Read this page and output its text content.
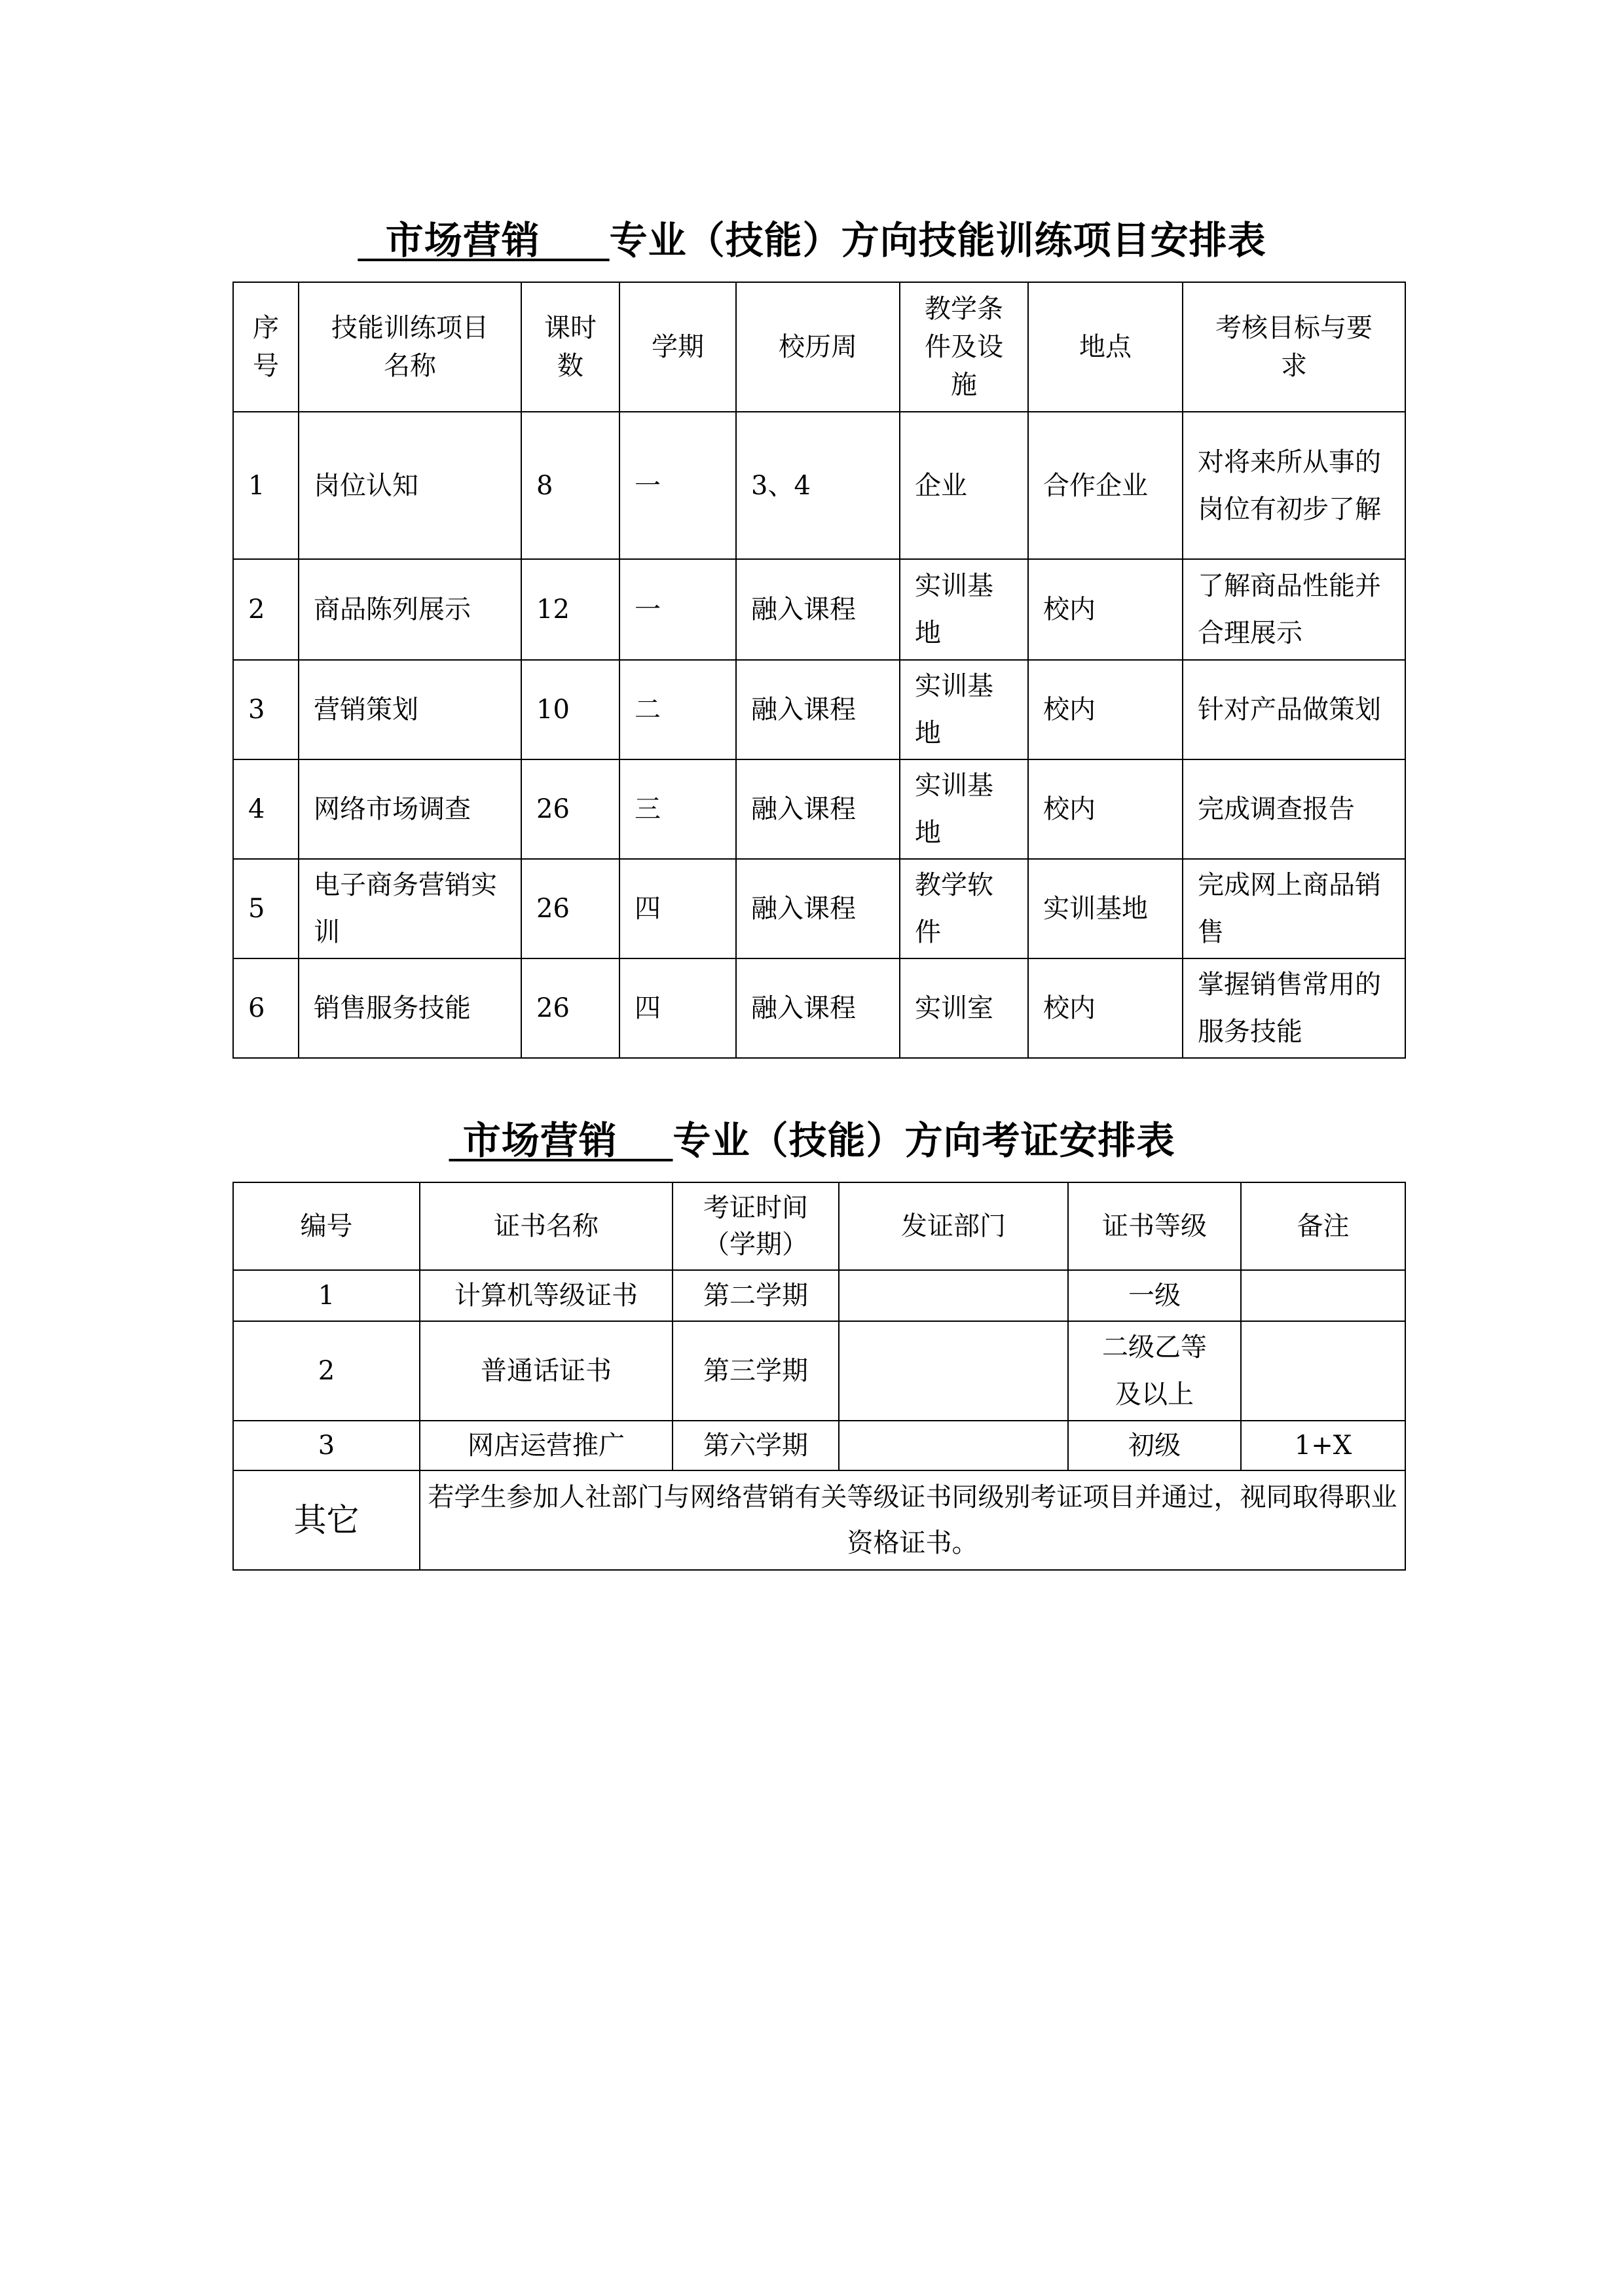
市场营销     专业（技能）方向技能训练项目安排表
序号	技能训练项目名称	课时数	学期	校历周	教学条件及设施	地点	考核目标与要求
1	岗位认知	8	一	3、4	企业	合作企业	对将来所从事的岗位有初步了解
2	商品陈列展示	12	一	融入课程	实训基地	校内	了解商品性能并合理展示
3	营销策划	10	二	融入课程	实训基地	校内	针对产品做策划
4	网络市场调查	26	三	融入课程	实训基地	校内	完成调查报告
5	电子商务营销实训	26	四	融入课程	教学软件	实训基地	完成网上商品销售
6	销售服务技能	26	四	融入课程	实训室	校内	掌握销售常用的服务技能
市场营销    专业（技能）方向考证安排表
编号	证书名称	考证时间（学期）	发证部门	证书等级	备注
1	计算机等级证书	第二学期		一级	
2	普通话证书	第三学期		二级乙等及以上	
3	网店运营推广	第六学期		初级	1+X
其它	若学生参加人社部门与网络营销有关等级证书同级别考证项目并通过，视同取得职业资格证书。				
